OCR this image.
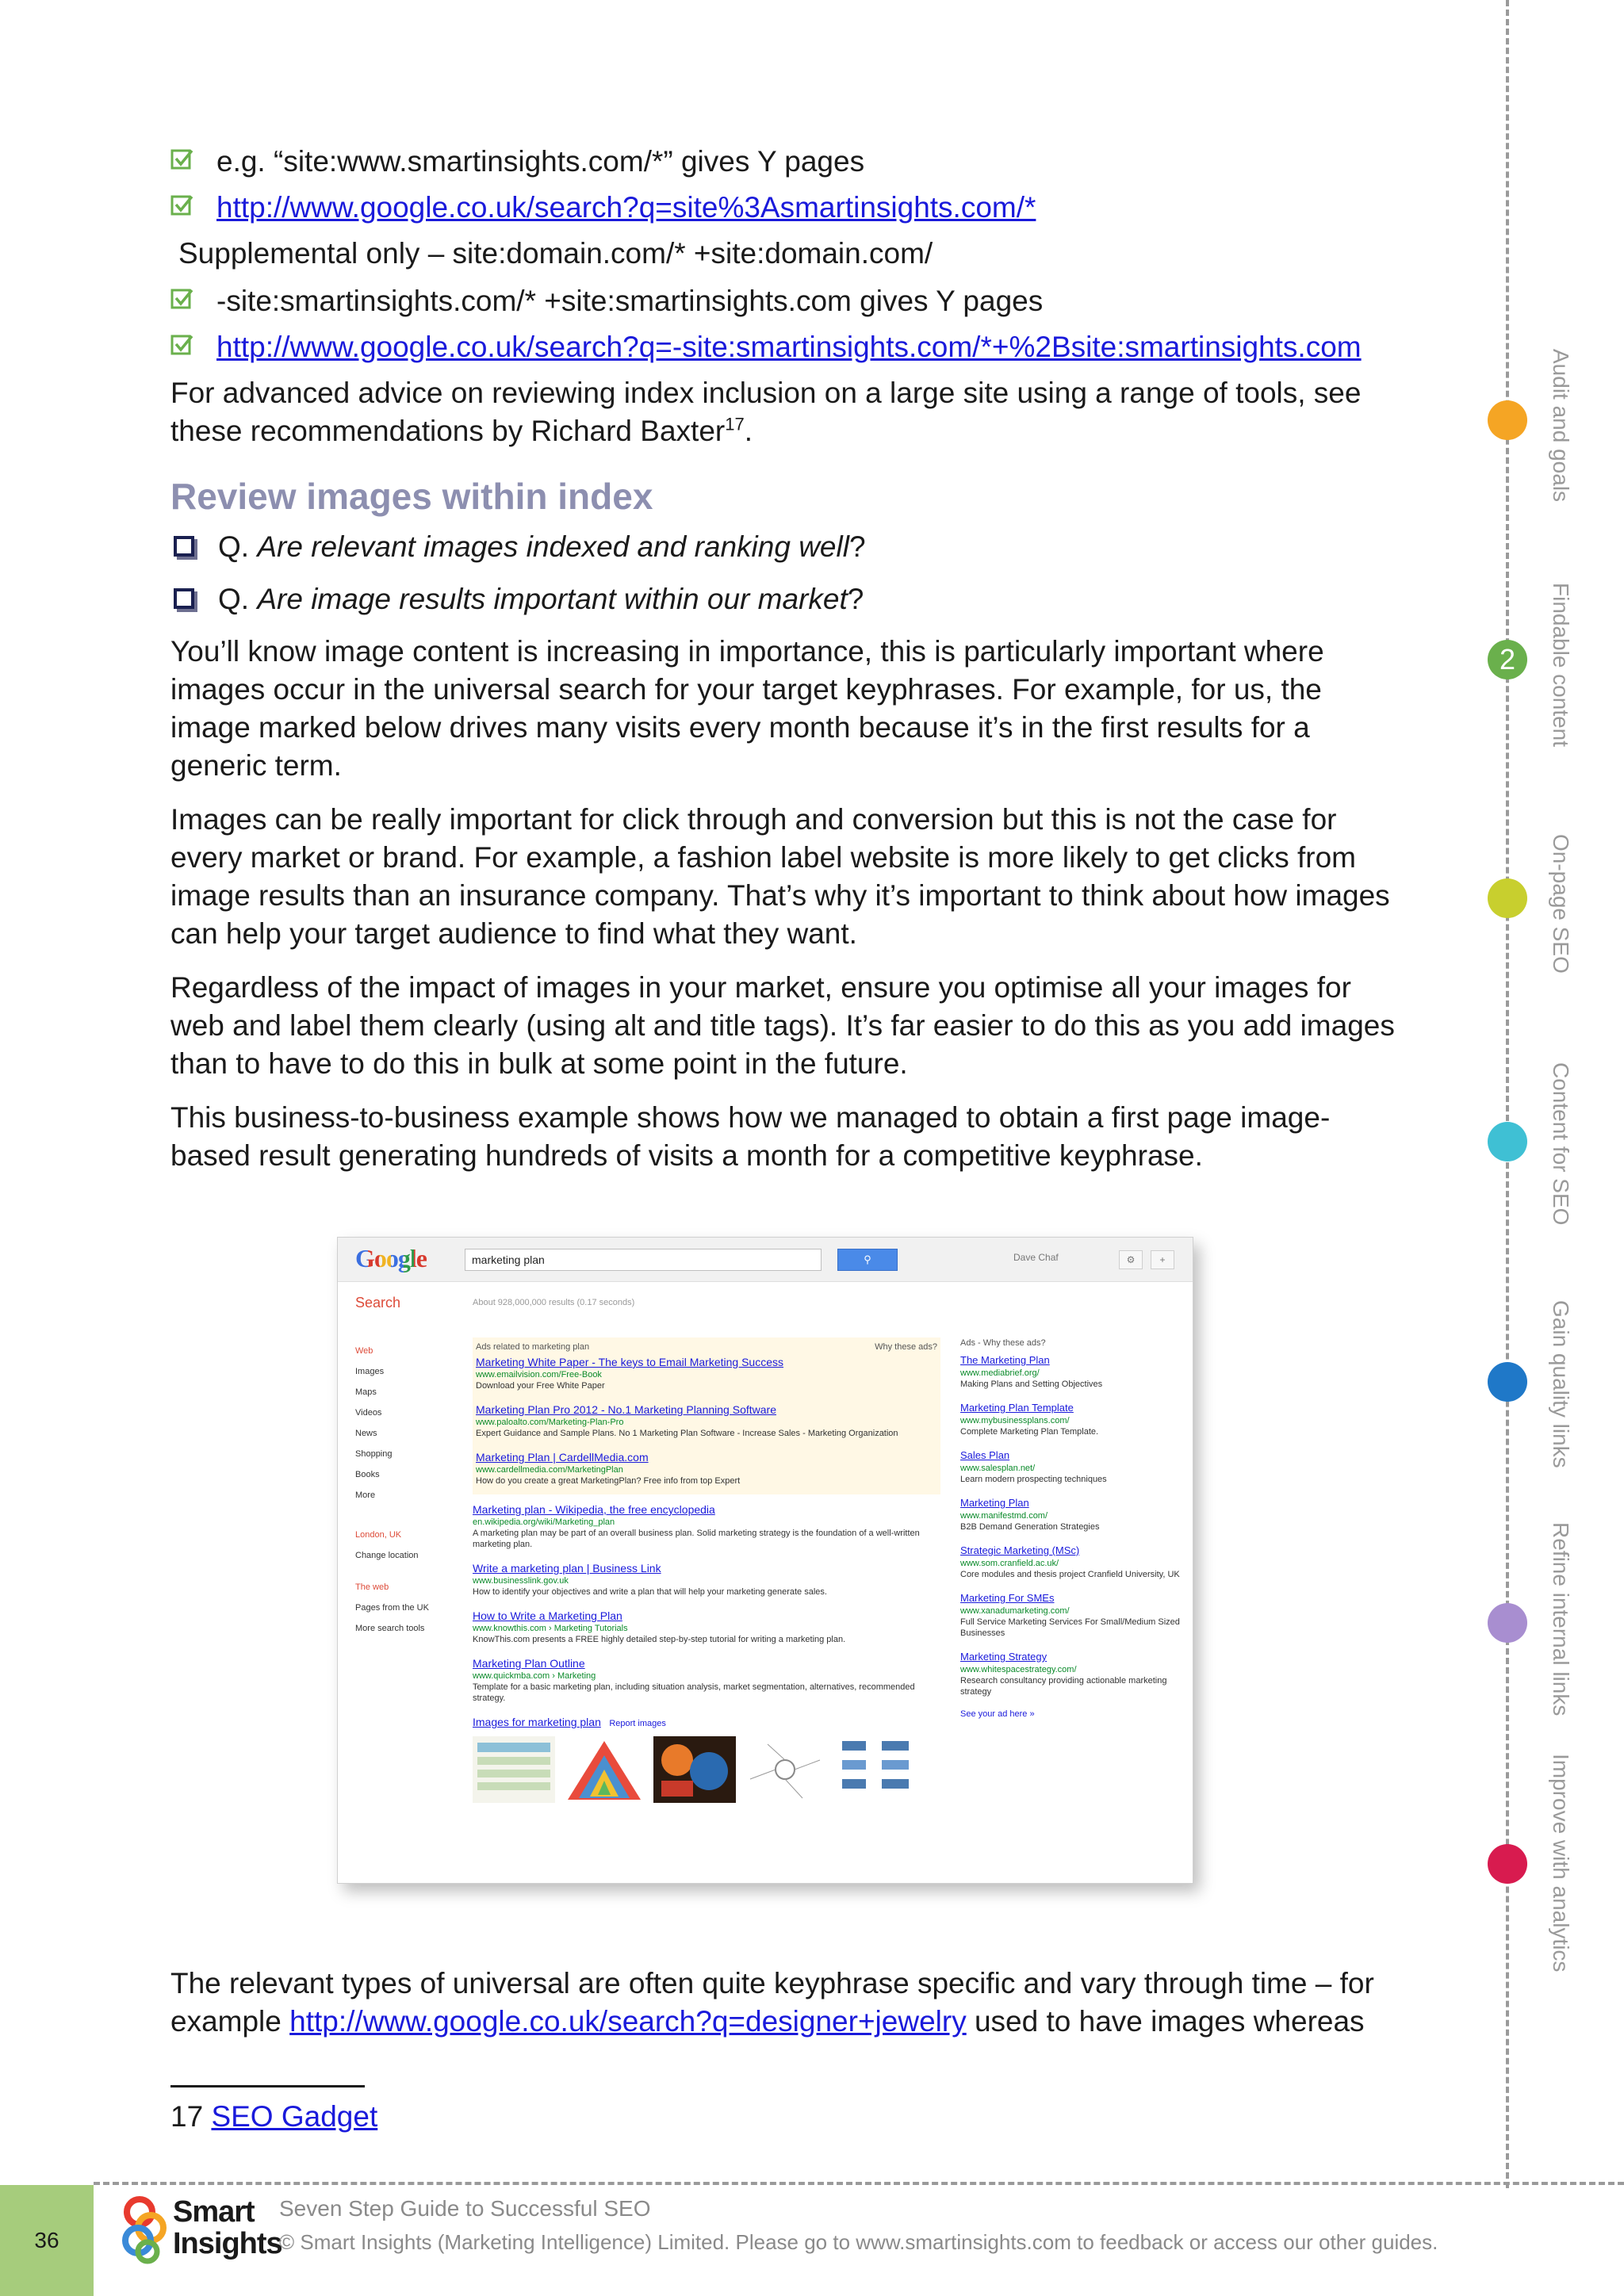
e.g. “site:www.smartinsights.com/*” gives Y pages
http://www.google.co.uk/search?q=site%3Asmartinsights.com/*
Supplemental only – site:domain.com/* +site:domain.com/
-site:smartinsights.com/* +site:smartinsights.com gives Y pages
http://www.google.co.uk/search?q=-site:smartinsights.com/*+%2Bsite:smartinsights.com

For advanced advice on reviewing index inclusion on a large site using a range of tools, see these recommendations by Richard Baxter$^{17}$.

Review images within index
Q. Are relevant images indexed and ranking well?
Q. Are image results important within our market?

You’ll know image content is increasing in importance, this is particularly important where images occur in the universal search for your target keyphrases. For example, for us, the image marked below drives many visits every month because it’s in the first results for a generic term.

Images can be really important for click through and conversion but this is not the case for every market or brand. For example, a fashion label website is more likely to get clicks from image results than an insurance company. That’s why it’s important to think about how images can help your target audience to find what they want.

Regardless of the impact of images in your market, ensure you optimise all your images for web and label them clearly (using alt and title tags). It’s far easier to do this as you add images than to have to do this in bulk at some point in the future.

This business-to-business example shows how we managed to obtain a first page image-based result generating hundreds of visits a month for a competitive keyphrase.

Google	marketing plan	⚲	Dave Chaf	⚙	+
Search	About 928,000,000 results (0.17 seconds)
Web
Images
Maps
Videos
News
Shopping
Books
More
London, UK
Change location
The web
Pages from the UK
More search tools
Ads related to marketing plan	Why these ads?
Marketing White Paper - The keys to Email Marketing Success
www.emailvision.com/Free-Book
Download your Free White Paper
Marketing Plan Pro 2012 - No.1 Marketing Planning Software
www.paloalto.com/Marketing-Plan-Pro
Expert Guidance and Sample Plans. No 1 Marketing Plan Software - Increase Sales - Marketing Organization
Marketing Plan | CardellMedia.com
www.cardellmedia.com/MarketingPlan
How do you create a great MarketingPlan? Free info from top Expert
Marketing plan - Wikipedia, the free encyclopedia
en.wikipedia.org/wiki/Marketing_plan
A marketing plan may be part of an overall business plan. Solid marketing strategy is the foundation of a well-written marketing plan.
Write a marketing plan | Business Link
www.businesslink.gov.uk
How to identify your objectives and write a plan that will help your marketing generate sales.
How to Write a Marketing Plan
www.knowthis.com › Marketing Tutorials
KnowThis.com presents a FREE highly detailed step-by-step tutorial for writing a marketing plan.
Marketing Plan Outline
www.quickmba.com › Marketing
Template for a basic marketing plan, including situation analysis, market segmentation, alternatives, recommended strategy.
Images for marketing plan Report images
Ads - Why these ads?
The Marketing Plan
www.mediabrief.org/
Making Plans and Setting Objectives
Marketing Plan Template
www.mybusinessplans.com/
Complete Marketing Plan Template.
Sales Plan
www.salesplan.net/
Learn modern prospecting techniques
Marketing Plan
www.manifestmd.com/
B2B Demand Generation Strategies
Strategic Marketing (MSc)
www.som.cranfield.ac.uk/
Core modules and thesis project Cranfield University, UK
Marketing For SMEs
www.xanadumarketing.com/
Full Service Marketing Services For Small/Medium Sized Businesses
Marketing Strategy
www.whitespacestrategy.com/
Research consultancy providing actionable marketing strategy
See your ad here »

The relevant types of universal are often quite keyphrase specific and vary through time – for example http://www.google.co.uk/search?q=designer+jewelry used to have images whereas

17 SEO Gadget
Audit and goals
2	Findable content
On-page SEO
Content for SEO
Gain quality links
Refine internal links
Improve with analytics
36
Smart Insights
Seven Step Guide to Successful SEO
© Smart Insights (Marketing Intelligence) Limited. Please go to www.smartinsights.com to feedback or access our other guides.
